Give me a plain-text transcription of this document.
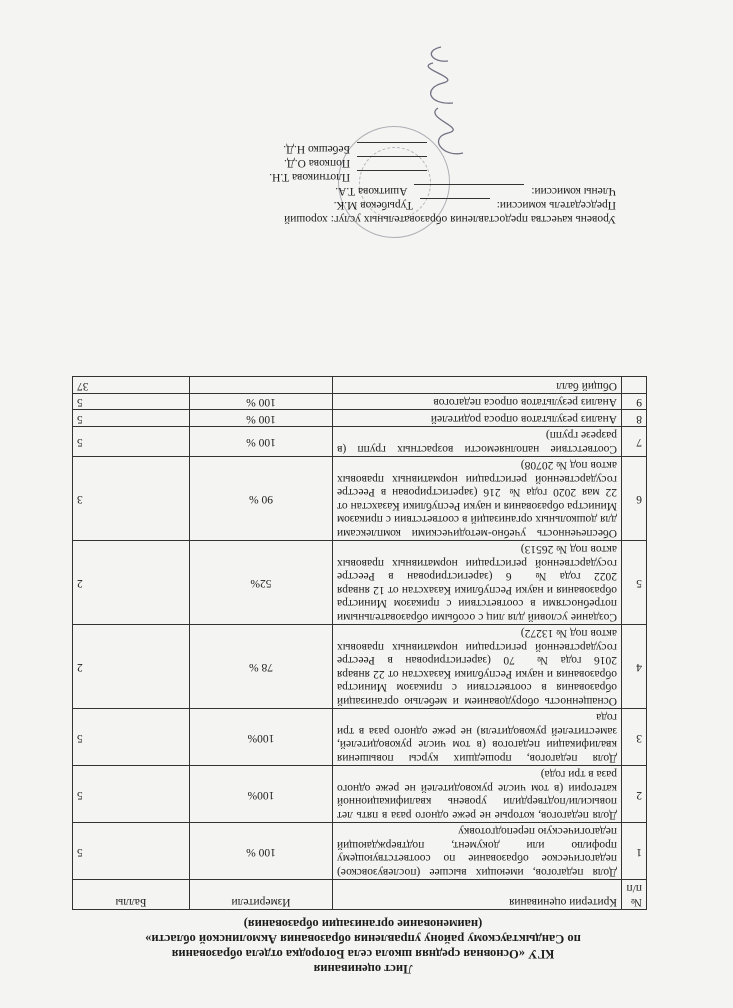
Лист оценивания
КГУ «Основная средняя школа села Богородка отдела образования
по Сандыктаускому району управления образования Акмолинской области»
(наименование организации образования)
№ п/п	Критерии оценивания	Измерители	Баллы
1	Доля педагогов, имеющих высшее (послевузовское) педагогическое образование по соответствующему профилю или документ, подтверждающий педагогическую переподготовку	100 %	5
2	Доля педагогов, которые не реже одного раза в пять лет повысили/подтвердили уровень квалификационной категории (в том числе руководителей не реже одного раза в три года)	100%	5
3	Доля педагогов, прошедших курсы повышения квалификации педагогов (в том числе руководителей, заместителей руководителя) не реже одного раза в три года	100%	5
4	Оснащенность оборудованием и мебелью организаций образования в соответствии с приказом Министра образования и науки Республики Казахстан от 22 января 2016 года № 70 (зарегистрирован в Реестре государственной регистрации нормативных правовых актов под № 13272)	78 %	2
5	Создание условий для лиц с особыми образовательными потребностями в соответствии с приказом Министра образования и науки Республики Казахстан от 12 января 2022 года № 6 (зарегистрирован в Реестре государственной регистрации нормативных правовых актов под № 26513)	52%	2
6	Обеспеченность учебно-методическими комплексами для дошкольных организаций в соответствии с приказом Министра образования и науки Республики Казахстан от 22 мая 2020 года № 216 (зарегистрирован в Реестре государственной регистрации нормативных правовых актов под № 20708)	90 %	3
7	Соответствие наполняемости возрастных групп (в разрезе групп)	100 %	5
8	Анализ результатов опроса родителей	100 %	5
9	Анализ результатов опроса педагогов	100 %	5
	Общий балл		37
Уровень качества предоставления образовательных услуг: хороший
Председатель комиссии:  Турыбеков М.К.
Члены комиссии:  Ашиткова Т.А.
Плотникова Т.Н.
Попкова О.Д.
Бебешко Н.Д.
